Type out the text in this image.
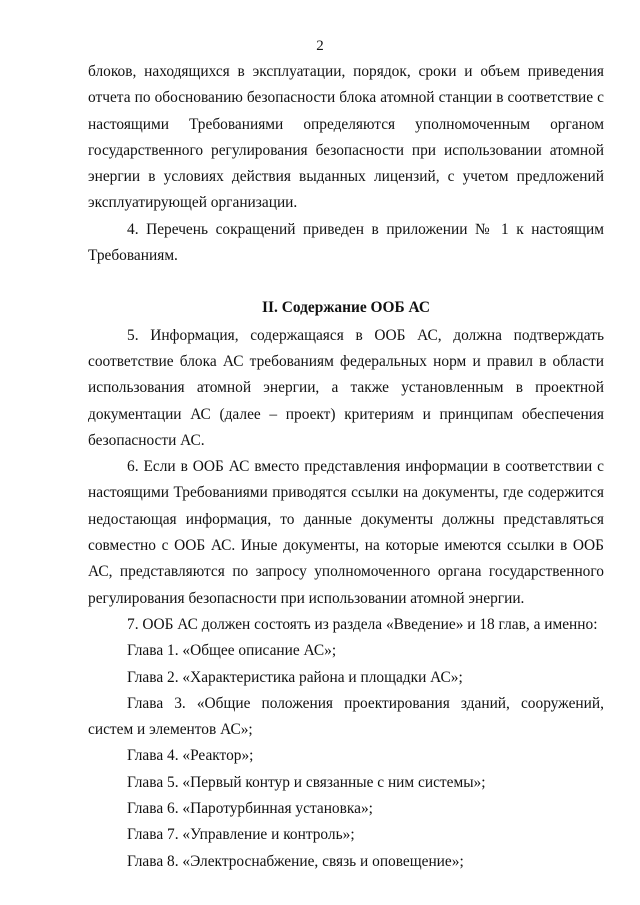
2

блоков, находящихся в эксплуатации, порядок, сроки и объем приведения отчета по обоснованию безопасности блока атомной станции в соответствие с настоящими Требованиями определяются уполномоченным органом государственного регулирования безопасности при использовании атомной энергии в условиях действия выданных лицензий, с учетом предложений эксплуатирующей организации.

4. Перечень сокращений приведен в приложении № 1 к настоящим Требованиям.

II. Содержание ООБ АС

5. Информация, содержащаяся в ООБ АС, должна подтверждать соответствие блока АС требованиям федеральных норм и правил в области использования атомной энергии, а также установленным в проектной документации АС (далее – проект) критериям и принципам обеспечения безопасности АС.

6. Если в ООБ АС вместо представления информации в соответствии с настоящими Требованиями приводятся ссылки на документы, где содержится недостающая информация, то данные документы должны представляться совместно с ООБ АС. Иные документы, на которые имеются ссылки в ООБ АС, представляются по запросу уполномоченного органа государственного регулирования безопасности при использовании атомной энергии.

7. ООБ АС должен состоять из раздела «Введение» и 18 глав, а именно:

Глава 1. «Общее описание АС»;

Глава 2. «Характеристика района и площадки АС»;

Глава 3. «Общие положения проектирования зданий, сооружений, систем и элементов АС»;

Глава 4. «Реактор»;

Глава 5. «Первый контур и связанные с ним системы»;

Глава 6. «Паротурбинная установка»;

Глава 7. «Управление и контроль»;

Глава 8. «Электроснабжение, связь и оповещение»;
